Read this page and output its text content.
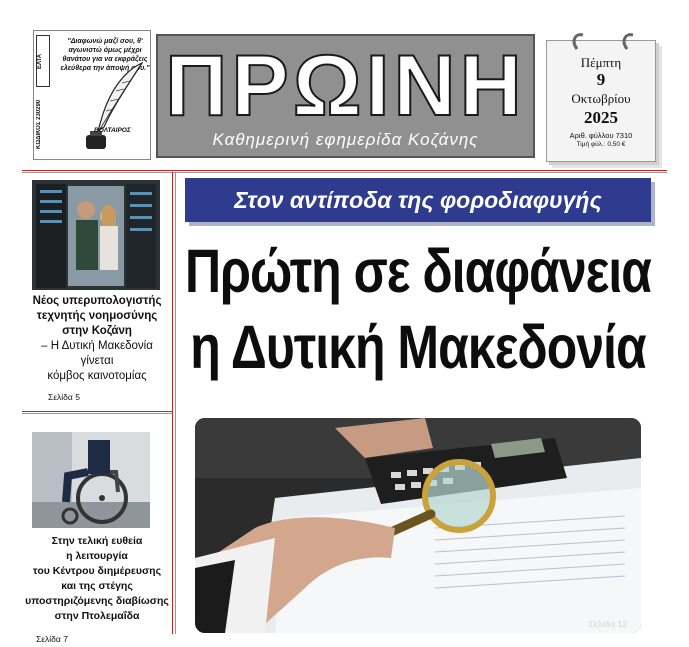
ΕΛΤΑ
ΚΩΔΙΚΟΣ 230290
"Διαφωνώ μαζί σου, θ' αγωνιστώ όμως μέχρι θανάτου για να εκφράζεις ελεύθερα την άποψή σου."
ΒΟΛΤΑΙΡΟΣ ΠΡΩΙΝΗ
Καθημερινή εφημερίδα Κοζάνης
Πέμπτη
9
Οκτωβρίου
2025
Αριθ. φύλλου 7310
Τιμή φύλ.: 0,50 €
Νέος υπερυπολογιστής
τεχνητής νοημοσύνης
στην Κοζάνη
– Η Δυτική Μακεδονία
γίνεται
κόμβος καινοτομίας
Σελίδα 5
Στην τελική ευθεία
η λειτουργία
του Κέντρου διημέρευσης
και της στέγης
υποστηριζόμενης διαβίωσης
στην Πτολεμαΐδα
Σελίδα 7
Στον αντίποδα της φοροδιαφυγής
Πρώτη σε διαφάνεια
η Δυτική Μακεδονία
Σελίδα 12
